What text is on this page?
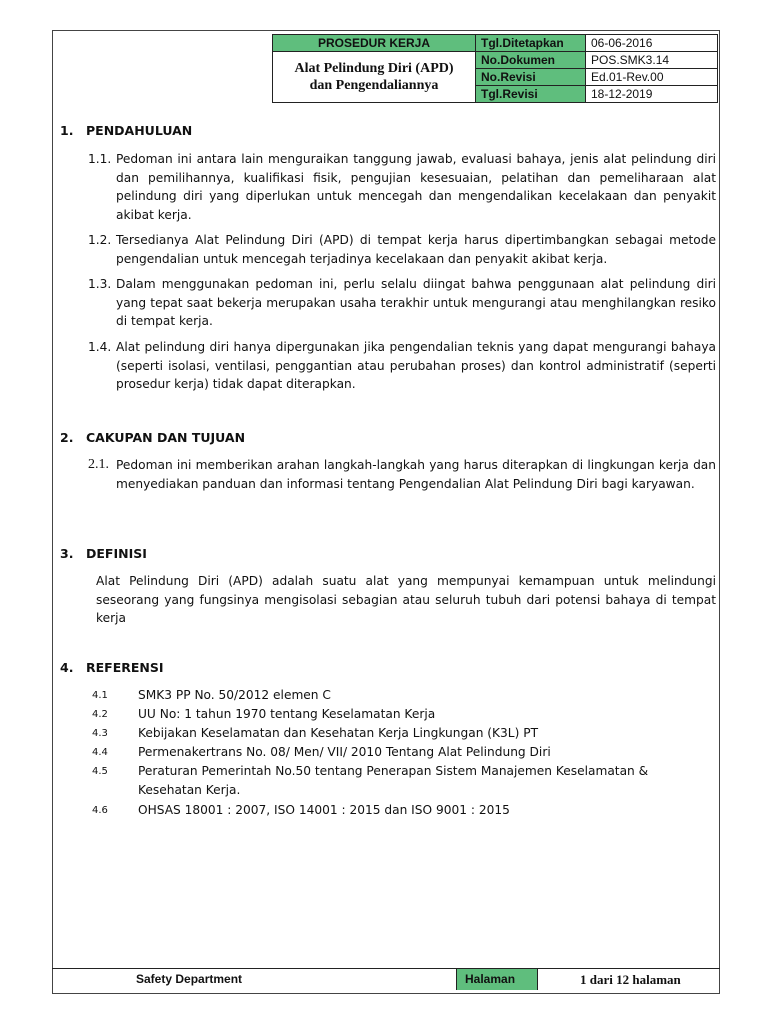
PROSEDUR KERJA	Tgl.Ditetapkan	06-06-2016

Alat Pelindung Diri (APD)
dan Pengendaliannya	No.Dokumen	POS.SMK3.14
	No.Revisi	Ed.01-Rev.00
	Tgl.Revisi	18-12-2019
1. PENDAHULUAN
1.1. Pedoman ini antara lain menguraikan tanggung jawab, evaluasi bahaya, jenis alat pelindung diri dan pemilihannya, kualifikasi fisik, pengujian kesesuaian, pelatihan dan pemeliharaan alat pelindung diri yang diperlukan untuk mencegah dan mengendalikan kecelakaan dan penyakit akibat kerja.
1.2. Tersedianya Alat Pelindung Diri (APD) di tempat kerja harus dipertimbangkan sebagai metode pengendalian untuk mencegah terjadinya kecelakaan dan penyakit akibat kerja.
1.3. Dalam menggunakan pedoman ini, perlu selalu diingat bahwa penggunaan alat pelindung diri yang tepat saat bekerja merupakan usaha terakhir untuk mengurangi atau menghilangkan resiko di tempat kerja.
1.4. Alat pelindung diri hanya dipergunakan jika pengendalian teknis yang dapat mengurangi bahaya (seperti isolasi, ventilasi, penggantian atau perubahan proses) dan kontrol administratif (seperti prosedur kerja) tidak dapat diterapkan.
2. CAKUPAN DAN TUJUAN
2.1. Pedoman ini memberikan arahan langkah-langkah yang harus diterapkan di lingkungan kerja dan menyediakan panduan dan informasi tentang Pengendalian Alat Pelindung Diri bagi karyawan.
3. DEFINISI
Alat Pelindung Diri (APD) adalah suatu alat yang mempunyai kemampuan untuk melindungi seseorang yang fungsinya mengisolasi sebagian atau seluruh tubuh dari potensi bahaya di tempat kerja
4. REFERENSI
4.1 SMK3 PP No. 50/2012 elemen C
4.2 UU No: 1 tahun 1970 tentang Keselamatan Kerja
4.3 Kebijakan Keselamatan dan Kesehatan Kerja Lingkungan (K3L) PT
4.4 Permenakertrans No. 08/ Men/ VII/ 2010 Tentang Alat Pelindung Diri
4.5 Peraturan Pemerintah No.50 tentang Penerapan Sistem Manajemen Keselamatan & Kesehatan Kerja.
4.6 OHSAS 18001 : 2007, ISO 14001 : 2015 dan ISO 9001 : 2015
Safety Department	Halaman	1 dari 12 halaman
